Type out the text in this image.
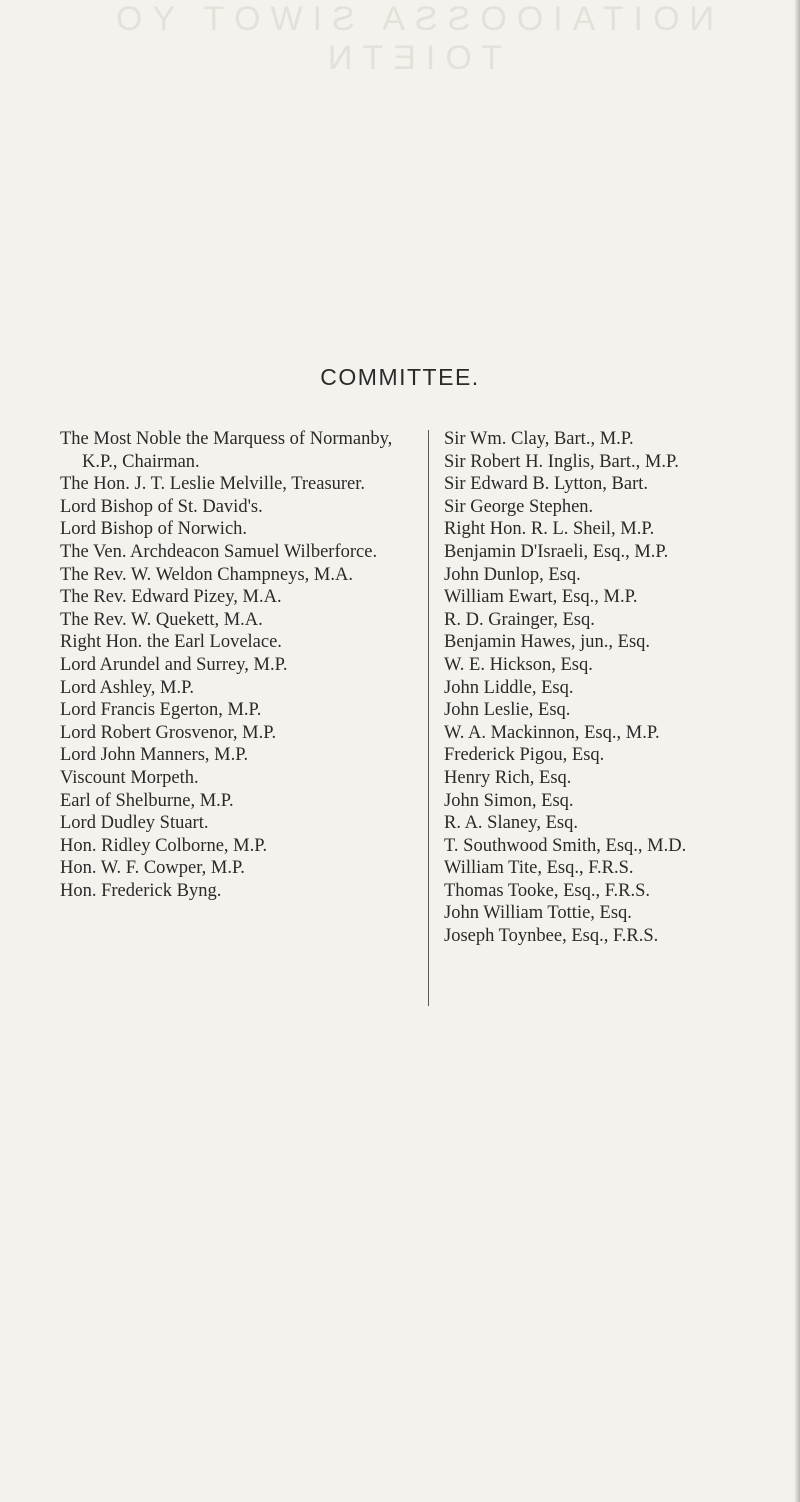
NOITAIOOSSA SIWOT YO TOIETN
COMMITTEE.
The Most Noble the Marquess of Normanby, K.P., Chairman.
The Hon. J. T. Leslie Melville, Treasurer.
Lord Bishop of St. David's.
Lord Bishop of Norwich.
The Ven. Archdeacon Samuel Wilberforce.
The Rev. W. Weldon Champneys, M.A.
The Rev. Edward Pizey, M.A.
The Rev. W. Quekett, M.A.
Right Hon. the Earl Lovelace.
Lord Arundel and Surrey, M.P.
Lord Ashley, M.P.
Lord Francis Egerton, M.P.
Lord Robert Grosvenor, M.P.
Lord John Manners, M.P.
Viscount Morpeth.
Earl of Shelburne, M.P.
Lord Dudley Stuart.
Hon. Ridley Colborne, M.P.
Hon. W. F. Cowper, M.P.
Hon. Frederick Byng.
Sir Wm. Clay, Bart., M.P.
Sir Robert H. Inglis, Bart., M.P.
Sir Edward B. Lytton, Bart.
Sir George Stephen.
Right Hon. R. L. Sheil, M.P.
Benjamin D'Israeli, Esq., M.P.
John Dunlop, Esq.
William Ewart, Esq., M.P.
R. D. Grainger, Esq.
Benjamin Hawes, jun., Esq.
W. E. Hickson, Esq.
John Liddle, Esq.
John Leslie, Esq.
W. A. Mackinnon, Esq., M.P.
Frederick Pigou, Esq.
Henry Rich, Esq.
John Simon, Esq.
R. A. Slaney, Esq.
T. Southwood Smith, Esq., M.D.
William Tite, Esq., F.R.S.
Thomas Tooke, Esq., F.R.S.
John William Tottie, Esq.
Joseph Toynbee, Esq., F.R.S.
